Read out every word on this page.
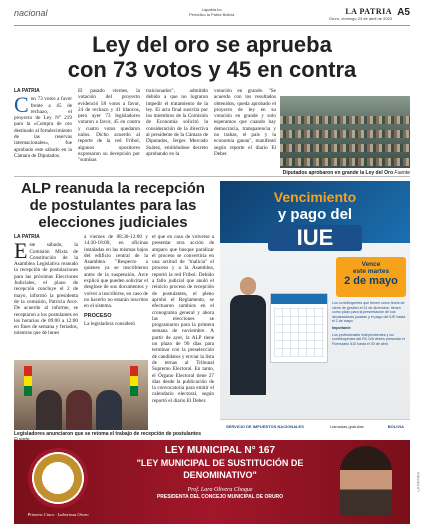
nacional	Lapatria.bo
Periódico la Patria Bolivia	LA PATRIA
Oruro, domingo 23 de abril de 2023
A5
Ley del oro se aprueba
con 73 votos y 45 en contra
LA PATRIA
C on 73 votos a favor frente a 45 de rechazo, el proyecto de Ley N° 219 para la «Compra de oro destinado al fortalecimiento de las reservas internacionales», fue aprobado este sábado en la Cámara de Diputados.
El pasado viernes, la votación del proyecto evidenció 58 votos a favor, 24 de rechazo y 41 blancos, pero ayer 73 legisladores votaron a favor, 45 en contra y cuatro votos quedaron nulos. Dicho acuerdo al reporte de la red Fribol, algunos opositores expresaron su decepción por "sumisas
traicionados", admitido debido a que no lograron impedir el tratamiento de la ley. El acta final suscrita por los miembros de la Comisión de Economía solicitó la consideración de la directiva al presidente de la Cámara de Diputados, Jerges Mercado Suárez, emitiéndose decreto aprobando en la
votación en grande. "Se acuerdo con los resultados obtenidos, queda aprobado el proyecto de ley en su votación en grande y solo esperamos que cuando hay democracia, transparencia y no trabas, el país y la economía ganan", manifestó según reporte el diario El Deber.
Diputados aprobaron en grande la Ley del Oro Fuente
ALP reanuda la recepción de postulantes para las elecciones judiciales
LA PATRIA
E ste sábado, la Comisión Mixta de Constitución de la Asamblea Legislativa reanudó la recepción de postulaciones para las próximas Elecciones Judiciales, el plazo de recepción concluye el 2 de mayo, informó la presidenta de la comisión, Patricia Arce. De acuerdo al informe, se receptaron a los postulantes en los horarios de 09:00 a 12:00 en fines de semana y feriados, mientras que de lunes
a viernes de 08:30-12:00 y 14:30-18:00, en oficinas instaladas en las mismas bajos del edificio central de la Asamblea. "Respecto a quienes ya se inscribieron antes de la suspensión, Arce explicó que pueden solicitar el desglose de sus documentos y volver a inscribirse, en caso de no hacerlo no estarán inscritos en el sistema.
PROCESO
La legisladora consideró
el que en caso de volverse a presentar otra acción de amparo que busque paralizar el proceso se convertiría en una actitud de "malicia" el proceso y a la Asamblea, reportó la red Fribol. Debido a fallo judicial que anuló el reinicio proceso de recepción de postulantes, el pleno aprobó el Reglamento, se efectuaron cambios en el cronograma general y ahora las elecciones se programaron para la primera semana de noviembre. A partir de ayer, la ALP tiene un plazo de 90 días para terminar con la preselección de candidatos y enviar la lista de ternas al Tribunal Supremo Electoral. En tanto, el Órgano Electoral tiene 27 días desde la publicación de la convocatoria para emitir el calendario electoral, según reportó el diario El Deber.
Legisladores anunciaron que se retoma el trabajo de recepción de postulantes
Vencimiento
y pago del
IUE
Vence
este martes
2 de mayo

Los contribuyentes que tienen como fecha de cierre de gestión el 31 de diciembre, tienen como plazo para la presentación de sus declaraciones juradas y el pago del IUE hasta el 2 de mayo.

Importante

Los profesionales independientes y los contribuyentes del RC-IVA deben presentar el Formulario 510 hasta el 30 de abril.

SERVICIO DE IMPUESTOS NACIONALES	Llamadas gratuitas	BOLIVIA
Primera Cinco · Laboriosa Oruro
LEY MUNICIPAL N° 167
"LEY MUNICIPAL DE SUSTITUCIÓN DE DENOMINATIVO"
Prof. Lara Olivera Choque
PRESIDENTA DEL CONCEJO MUNICIPAL DE ORURO
LA PATRIA
